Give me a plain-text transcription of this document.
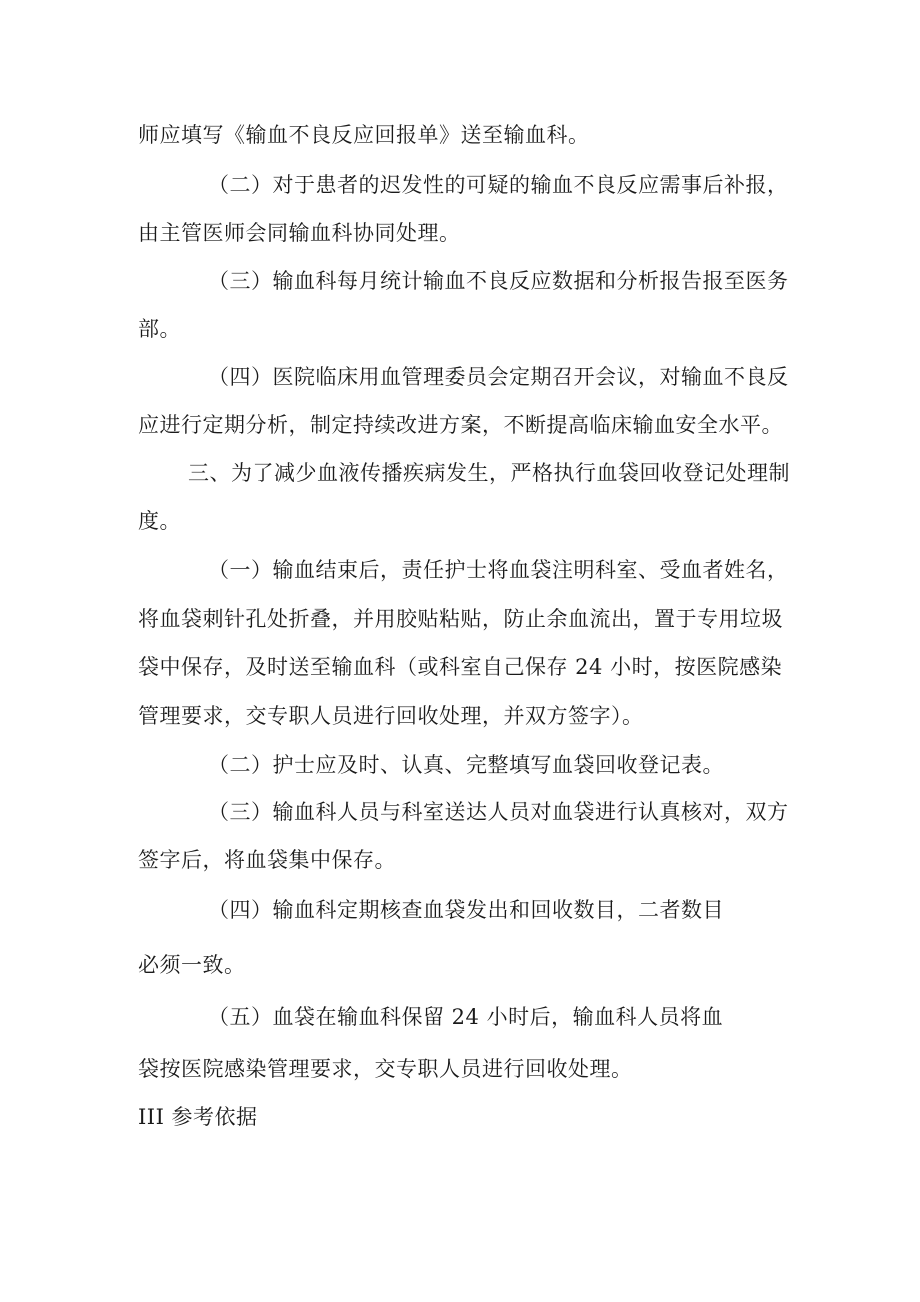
师应填写《输血不良反应回报单》送至输血科。
（二）对于患者的迟发性的可疑的输血不良反应需事后补报，
由主管医师会同输血科协同处理。
（三）输血科每月统计输血不良反应数据和分析报告报至医务
部。
（四）医院临床用血管理委员会定期召开会议，对输血不良反
应进行定期分析，制定持续改进方案，不断提高临床输血安全水平。
三、为了减少血液传播疾病发生，严格执行血袋回收登记处理制
度。
（一）输血结束后，责任护士将血袋注明科室、受血者姓名，
将血袋刺针孔处折叠，并用胶贴粘贴，防止余血流出，置于专用垃圾
袋中保存，及时送至输血科（或科室自己保存 24 小时，按医院感染
管理要求，交专职人员进行回收处理，并双方签字）。
（二）护士应及时、认真、完整填写血袋回收登记表。
（三）输血科人员与科室送达人员对血袋进行认真核对，双方
签字后，将血袋集中保存。
（四）输血科定期核查血袋发出和回收数目，二者数目
必须一致。
（五）血袋在输血科保留 24 小时后，输血科人员将血
袋按医院感染管理要求，交专职人员进行回收处理。
III 参考依据
